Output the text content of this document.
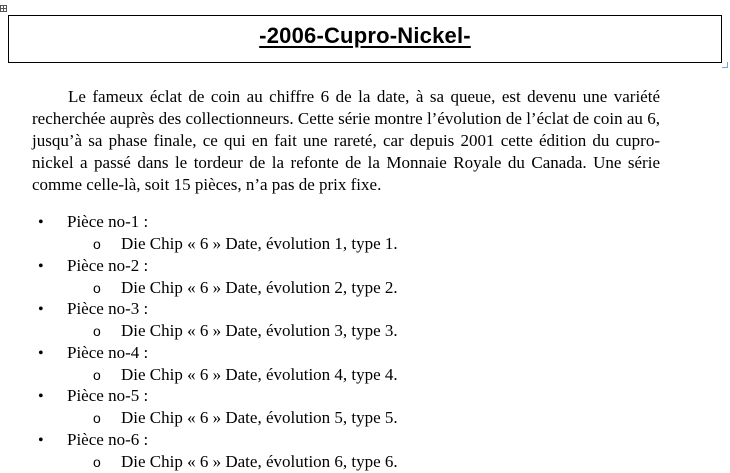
-2006-Cupro-Nickel-

Le fameux éclat de coin au chiffre 6 de la date, à sa queue, est devenu une variété recherchée auprès des collectionneurs. Cette série montre l’évolution de l’éclat de coin au 6, jusqu’à sa phase finale, ce qui en fait une rareté, car depuis 2001 cette édition du cupro-nickel a passé dans le tordeur de la refonte de la Monnaie Royale du Canada. Une série comme celle-là, soit 15 pièces, n’a pas de prix fixe.

• Pièce no-1 :
o Die Chip « 6 » Date, évolution 1, type 1.
• Pièce no-2 :
o Die Chip « 6 » Date, évolution 2, type 2.
• Pièce no-3 :
o Die Chip « 6 » Date, évolution 3, type 3.
• Pièce no-4 :
o Die Chip « 6 » Date, évolution 4, type 4.
• Pièce no-5 :
o Die Chip « 6 » Date, évolution 5, type 5.
• Pièce no-6 :
o Die Chip « 6 » Date, évolution 6, type 6.
